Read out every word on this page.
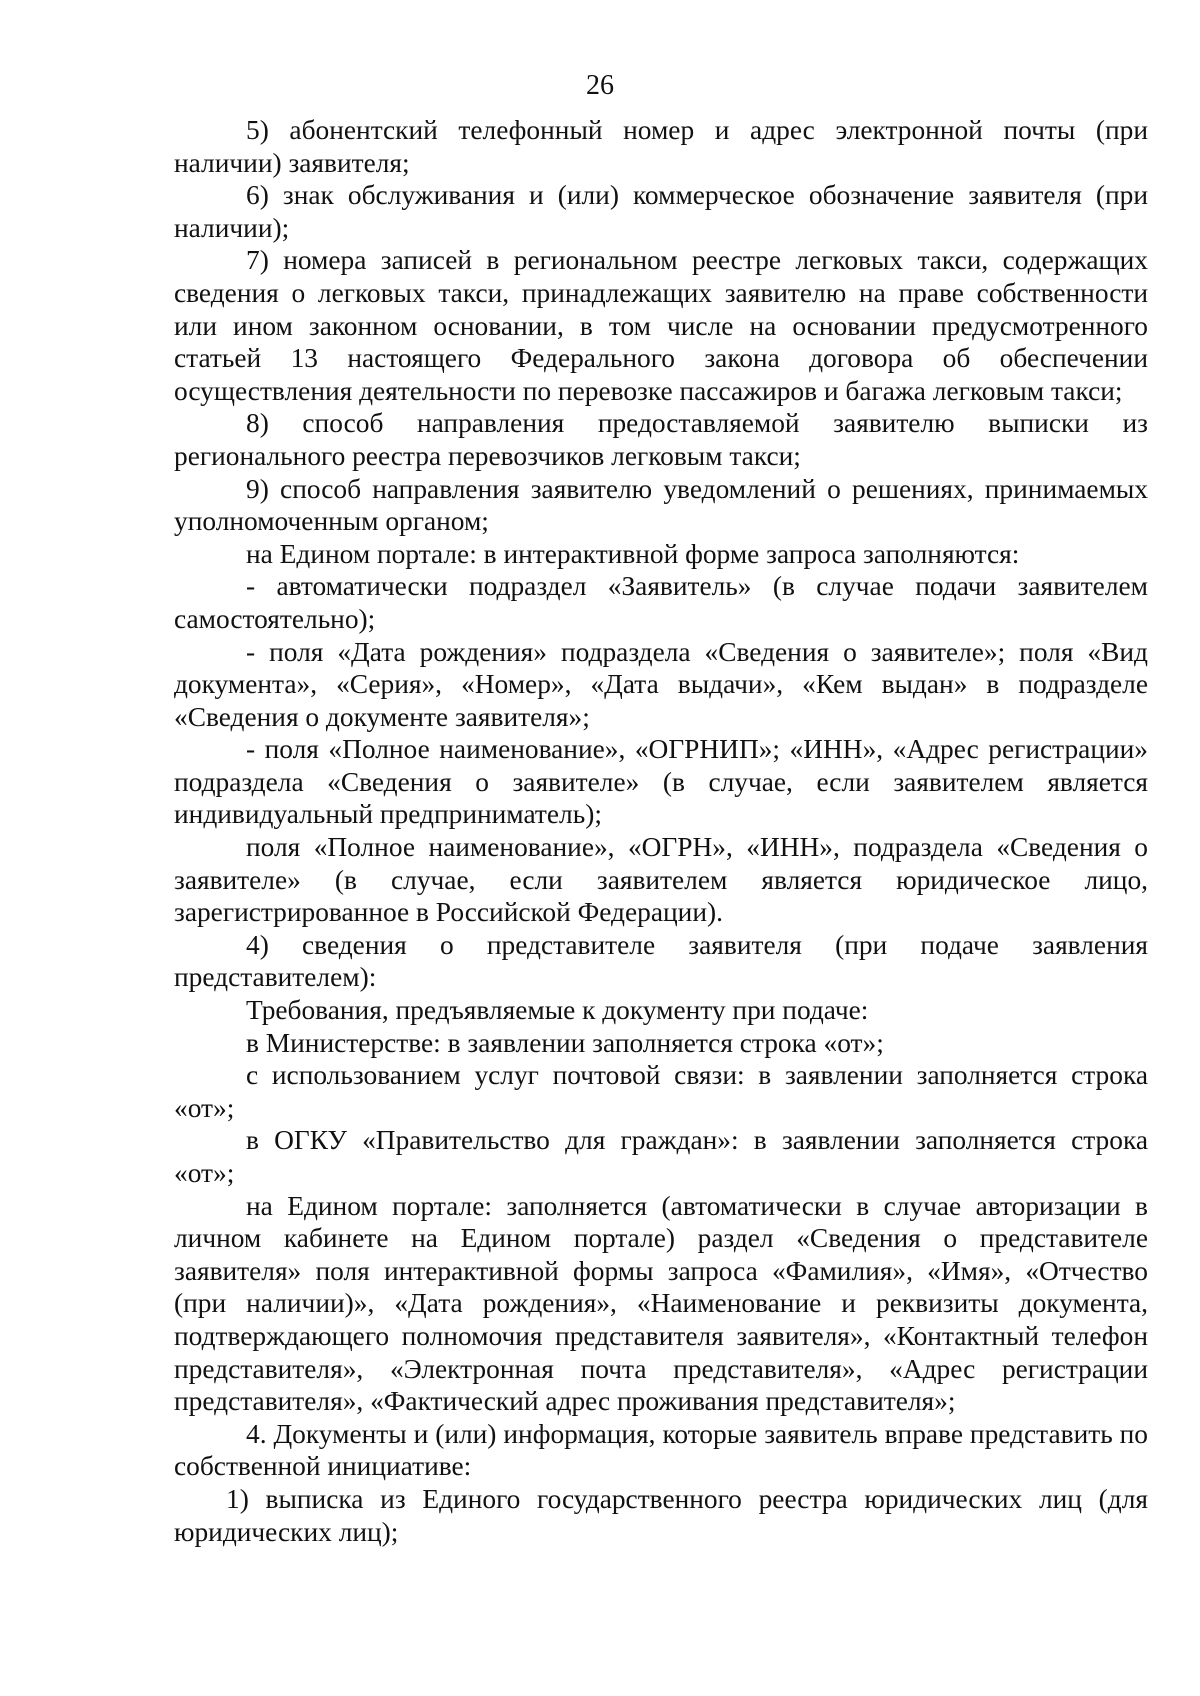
26

5) абонентский телефонный номер и адрес электронной почты (при наличии) заявителя;

6) знак обслуживания и (или) коммерческое обозначение заявителя (при наличии);

7) номера записей в региональном реестре легковых такси, содержащих сведения о легковых такси, принадлежащих заявителю на праве собственности или ином законном основании, в том числе на основании предусмотренного статьей 13 настоящего Федерального закона договора об обеспечении осуществления деятельности по перевозке пассажиров и багажа легковым такси;

8) способ направления предоставляемой заявителю выписки из регионального реестра перевозчиков легковым такси;

9) способ направления заявителю уведомлений о решениях, принимаемых уполномоченным органом;

на Едином портале: в интерактивной форме запроса заполняются:

- автоматически подраздел «Заявитель» (в случае подачи заявителем самостоятельно);

- поля «Дата рождения» подраздела «Сведения о заявителе»; поля «Вид документа», «Серия», «Номер», «Дата выдачи», «Кем выдан» в подразделе «Сведения о документе заявителя»;

- поля «Полное наименование», «ОГРНИП»; «ИНН», «Адрес регистрации» подраздела «Сведения о заявителе» (в случае, если заявителем является индивидуальный предприниматель);

поля «Полное наименование», «ОГРН», «ИНН», подраздела «Сведения о заявителе» (в случае, если заявителем является юридическое лицо, зарегистрированное в Российской Федерации).

4) сведения о представителе заявителя (при подаче заявления представителем):

Требования, предъявляемые к документу при подаче:

в Министерстве: в заявлении заполняется строка «от»;

с использованием услуг почтовой связи: в заявлении заполняется строка «от»;

в ОГКУ «Правительство для граждан»: в заявлении заполняется строка «от»;

на Едином портале: заполняется (автоматически в случае авторизации в личном кабинете на Едином портале) раздел «Сведения о представителе заявителя» поля интерактивной формы запроса «Фамилия», «Имя», «Отчество (при наличии)», «Дата рождения», «Наименование и реквизиты документа, подтверждающего полномочия представителя заявителя», «Контактный телефон представителя», «Электронная почта представителя», «Адрес регистрации представителя», «Фактический адрес проживания представителя»;

4. Документы и (или) информация, которые заявитель вправе представить по собственной инициативе:

1) выписка из Единого государственного реестра юридических лиц (для юридических лиц);
